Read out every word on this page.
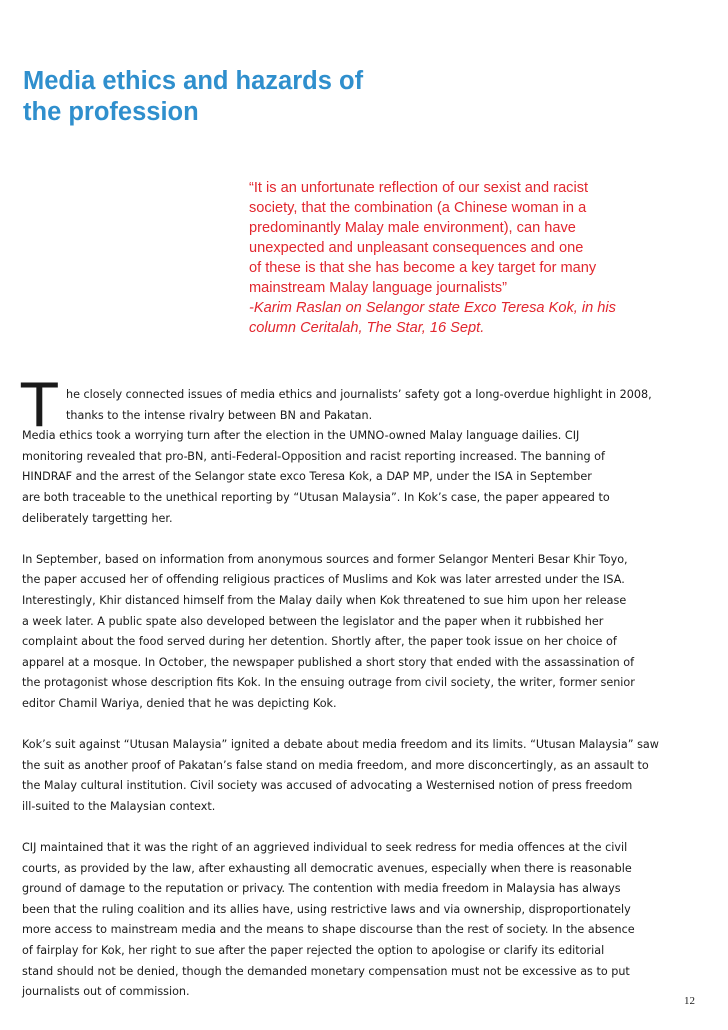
Media ethics and hazards of
the profession
“It is an unfortunate reflection of our sexist and racist
society, that the combination (a Chinese woman in a
predominantly Malay male environment), can have
unexpected and unpleasant consequences and one
of these is that she has become a key target for many
mainstream Malay language journalists”
-Karim Raslan on Selangor state Exco Teresa Kok, in his
column Ceritalah, The Star, 16 Sept.
T he closely connected issues of media ethics and journalists’ safety got a long-overdue highlight in 2008,
thanks to the intense rivalry between BN and Pakatan.
Media ethics took a worrying turn after the election in the UMNO-owned Malay language dailies. CIJ
monitoring revealed that pro-BN, anti-Federal-Opposition and racist reporting increased. The banning of
HINDRAF and the arrest of the Selangor state exco Teresa Kok, a DAP MP, under the ISA in September
are both traceable to the unethical reporting by “Utusan Malaysia”. In Kok’s case, the paper appeared to
deliberately targetting her.
In September, based on information from anonymous sources and former Selangor Menteri Besar Khir Toyo,
the paper accused her of offending religious practices of Muslims and Kok was later arrested under the ISA.
Interestingly, Khir distanced himself from the Malay daily when Kok threatened to sue him upon her release
a week later. A public spate also developed between the legislator and the paper when it rubbished her
complaint about the food served during her detention. Shortly after, the paper took issue on her choice of
apparel at a mosque. In October, the newspaper published a short story that ended with the assassination of
the protagonist whose description fits Kok. In the ensuing outrage from civil society, the writer, former senior
editor Chamil Wariya, denied that he was depicting Kok.
Kok’s suit against “Utusan Malaysia” ignited a debate about media freedom and its limits. “Utusan Malaysia” saw
the suit as another proof of Pakatan’s false stand on media freedom, and more disconcertingly, as an assault to
the Malay cultural institution. Civil society was accused of advocating a Westernised notion of press freedom
ill-suited to the Malaysian context.
CIJ maintained that it was the right of an aggrieved individual to seek redress for media offences at the civil
courts, as provided by the law, after exhausting all democratic avenues, especially when there is reasonable
ground of damage to the reputation or privacy. The contention with media freedom in Malaysia has always
been that the ruling coalition and its allies have, using restrictive laws and via ownership, disproportionately
more access to mainstream media and the means to shape discourse than the rest of society. In the absence
of fairplay for Kok, her right to sue after the paper rejected the option to apologise or clarify its editorial
stand should not be denied, though the demanded monetary compensation must not be excessive as to put
journalists out of commission.
12
